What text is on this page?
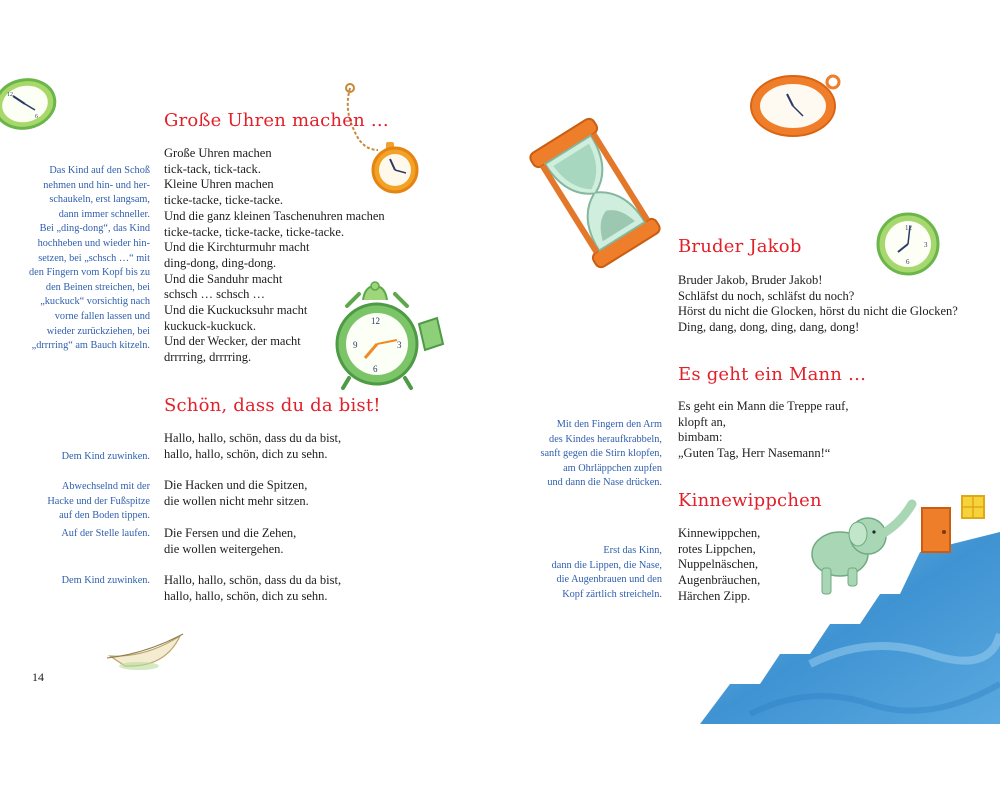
12
6
12
3
6
9
12
3
6
Große Uhren machen …
Das Kind auf den Schoß
nehmen und hin- und her-
schaukeln, erst langsam,
dann immer schneller.
Bei „ding-dong“, das Kind
hochheben und wieder hin-
setzen, bei „schsch …“ mit
den Fingern vom Kopf bis zu
den Beinen streichen, bei
„kuckuck“ vorsichtig nach
vorne fallen lassen und
wieder zurückziehen, bei
„drrrring“ am Bauch kitzeln.
Große Uhren machen
tick-tack, tick-tack.
Kleine Uhren machen
ticke-tacke, ticke-tacke.
Und die ganz kleinen Taschenuhren machen
ticke-tacke, ticke-tacke, ticke-tacke.
Und die Kirchturmuhr macht
ding-dong, ding-dong.
Und die Sanduhr macht
schsch … schsch …
Und die Kuckucksuhr macht
kuckuck-kuckuck.
Und der Wecker, der macht
drrrring, drrrring.
Schön, dass du da bist!
Dem Kind zuwinken.
Hallo, hallo, schön, dass du da bist,
hallo, hallo, schön, dich zu sehn.
Abwechselnd mit der
Hacke und der Fußspitze
auf den Boden tippen.
Die Hacken und die Spitzen,
die wollen nicht mehr sitzen.
Auf der Stelle laufen. Die Fersen und die Zehen,
die wollen weitergehen.
Dem Kind zuwinken. Hallo, hallo, schön, dass du da bist,
hallo, hallo, schön, dich zu sehn.
14
Bruder Jakob
Bruder Jakob, Bruder Jakob!
Schläfst du noch, schläfst du noch?
Hörst du nicht die Glocken, hörst du nicht die Glocken?
Ding, dang, dong, ding, dang, dong!
Es geht ein Mann …
Mit den Fingern den Arm
des Kindes heraufkrabbeln,
sanft gegen die Stirn klopfen,
am Ohrläppchen zupfen
und dann die Nase drücken.
Es geht ein Mann die Treppe rauf,
klopft an,
bimbam:
„Guten Tag, Herr Nasemann!“
Kinnewippchen
Erst das Kinn,
dann die Lippen, die Nase,
die Augenbrauen und den
Kopf zärtlich streicheln.
Kinnewippchen,
rotes Lippchen,
Nuppelnäschen,
Augenbräuchen,
Härchen Zipp.
